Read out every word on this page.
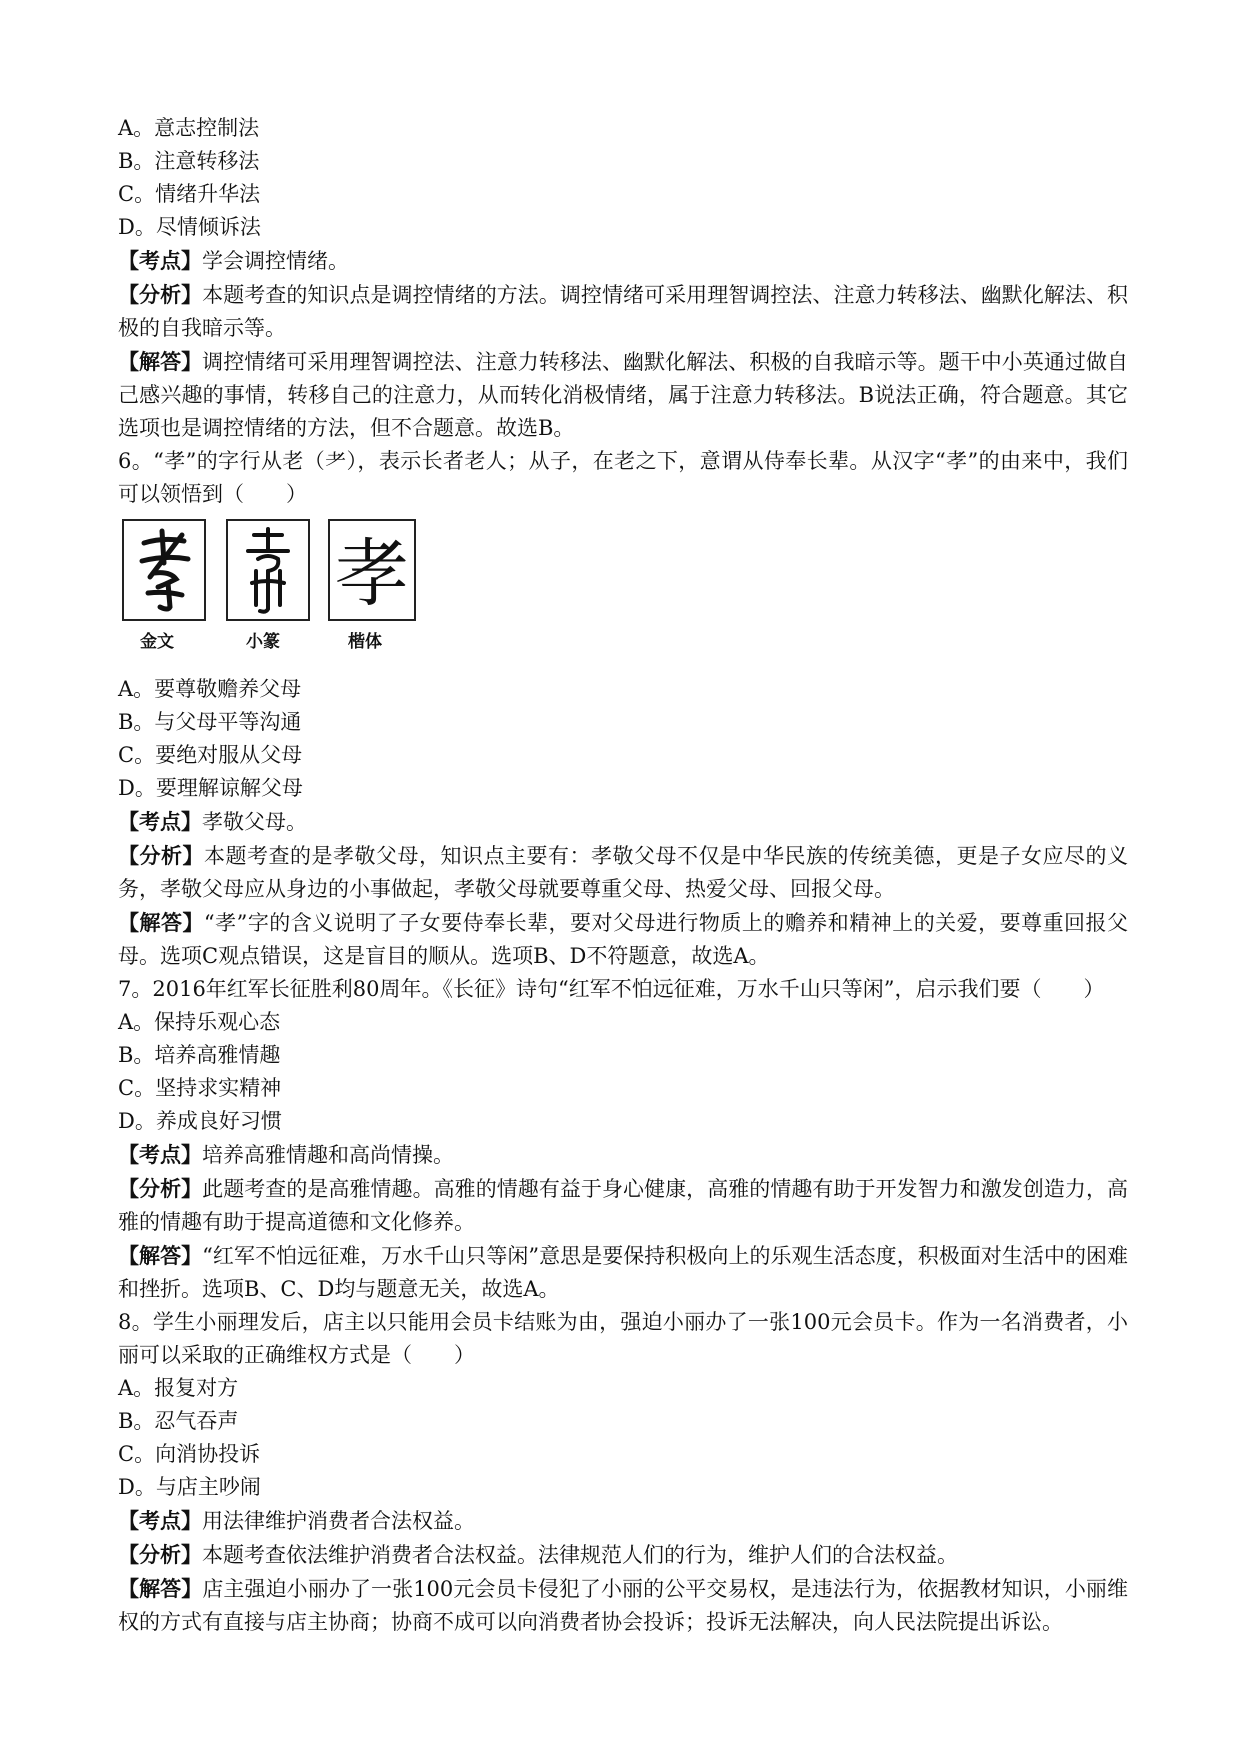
A。意志控制法

B。注意转移法

C。情绪升华法

D。尽情倾诉法

【考点】学会调控情绪。

【分析】本题考查的知识点是调控情绪的方法。调控情绪可采用理智调控法、注意力转移法、幽默化解法、积极的自我暗示等。

【解答】调控情绪可采用理智调控法、注意力转移法、幽默化解法、积极的自我暗示等。题干中小英通过做自己感兴趣的事情，转移自己的注意力，从而转化消极情绪，属于注意力转移法。B说法正确，符合题意。其它选项也是调控情绪的方法，但不合题意。故选B。

6。“孝”的字行从老（耂），表示长者老人；从子，在老之下，意谓从侍奉长辈。从汉字“孝”的由来中，我们可以领悟到（　　）

孝
金文	小篆	楷体

A。要尊敬赡养父母

B。与父母平等沟通

C。要绝对服从父母

D。要理解谅解父母

【考点】孝敬父母。

【分析】本题考查的是孝敬父母，知识点主要有：孝敬父母不仅是中华民族的传统美德，更是子女应尽的义务，孝敬父母应从身边的小事做起，孝敬父母就要尊重父母、热爱父母、回报父母。

【解答】“孝”字的含义说明了子女要侍奉长辈，要对父母进行物质上的赡养和精神上的关爱，要尊重回报父母。选项C观点错误，这是盲目的顺从。选项B、D不符题意，故选A。

7。2016年红军长征胜利80周年。《长征》诗句“红军不怕远征难，万水千山只等闲”，启示我们要（　　）

A。保持乐观心态

B。培养高雅情趣

C。坚持求实精神

D。养成良好习惯

【考点】培养高雅情趣和高尚情操。

【分析】此题考查的是高雅情趣。高雅的情趣有益于身心健康，高雅的情趣有助于开发智力和激发创造力，高雅的情趣有助于提高道德和文化修养。

【解答】“红军不怕远征难，万水千山只等闲”意思是要保持积极向上的乐观生活态度，积极面对生活中的困难和挫折。选项B、C、D均与题意无关，故选A。

8。学生小丽理发后，店主以只能用会员卡结账为由，强迫小丽办了一张100元会员卡。作为一名消费者，小丽可以采取的正确维权方式是（　　）

A。报复对方

B。忍气吞声

C。向消协投诉

D。与店主吵闹

【考点】用法律维护消费者合法权益。

【分析】本题考查依法维护消费者合法权益。法律规范人们的行为，维护人们的合法权益。

【解答】店主强迫小丽办了一张100元会员卡侵犯了小丽的公平交易权，是违法行为，依据教材知识，小丽维权的方式有直接与店主协商；协商不成可以向消费者协会投诉；投诉无法解决，向人民法院提出诉讼。
